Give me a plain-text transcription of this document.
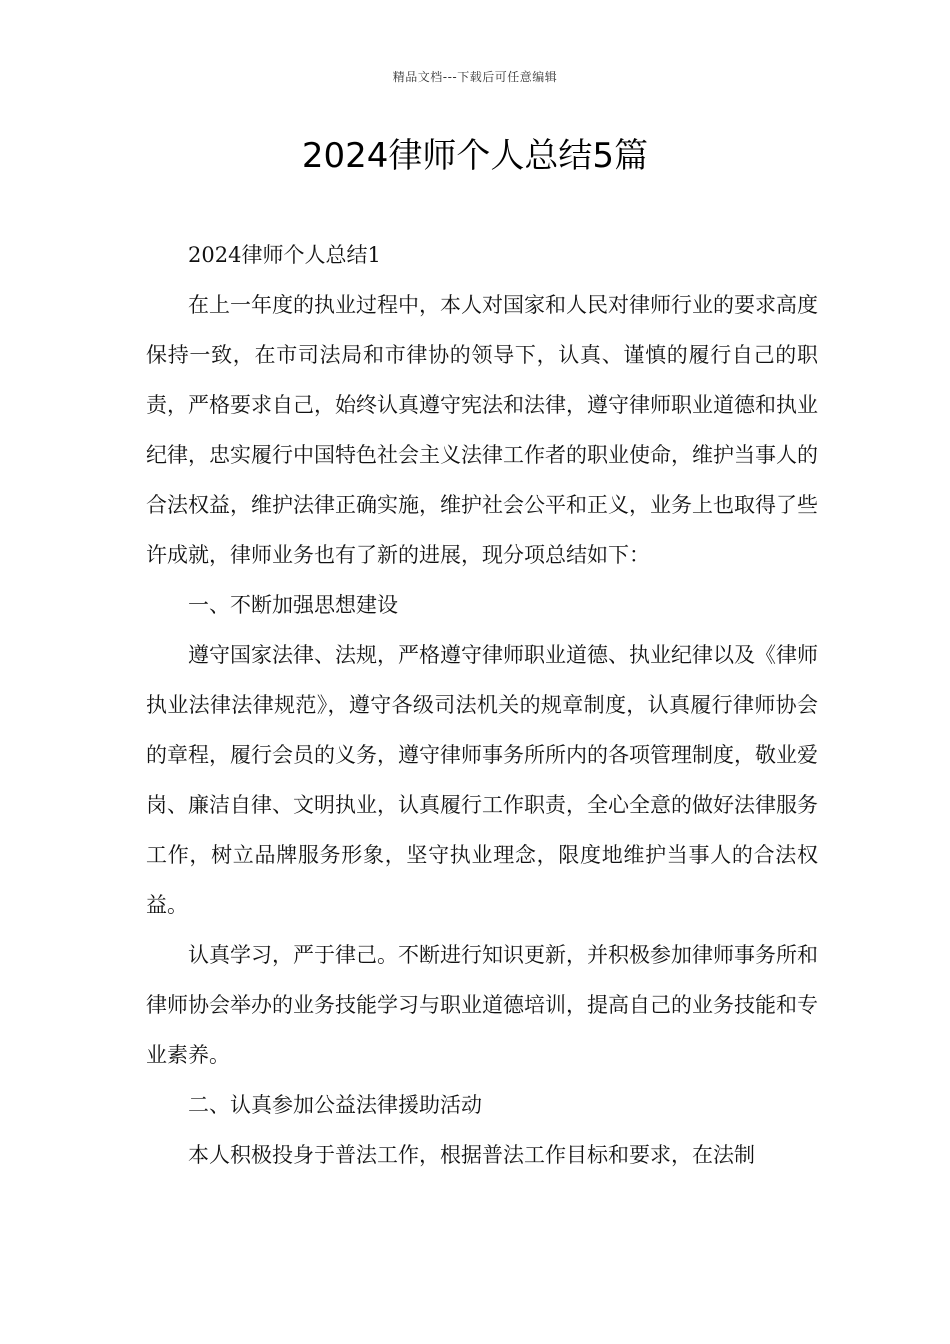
精品文档---下载后可任意编辑
2024律师个人总结5篇

2024律师个人总结1

在上一年度的执业过程中，本人对国家和人民对律师行业的要求高度保持一致，在市司法局和市律协的领导下，认真、谨慎的履行自己的职责，严格要求自己，始终认真遵守宪法和法律，遵守律师职业道德和执业纪律，忠实履行中国特色社会主义法律工作者的职业使命，维护当事人的合法权益，维护法律正确实施，维护社会公平和正义，业务上也取得了些许成就，律师业务也有了新的进展，现分项总结如下：

一、不断加强思想建设

遵守国家法律、法规，严格遵守律师职业道德、执业纪律以及《律师执业法律法律规范》，遵守各级司法机关的规章制度，认真履行律师协会的章程，履行会员的义务，遵守律师事务所所内的各项管理制度，敬业爱岗、廉洁自律、文明执业，认真履行工作职责，全心全意的做好法律服务工作，树立品牌服务形象，坚守执业理念，限度地维护当事人的合法权益。

认真学习，严于律己。不断进行知识更新，并积极参加律师事务所和律师协会举办的业务技能学习与职业道德培训，提高自己的业务技能和专业素养。

二、认真参加公益法律援助活动

本人积极投身于普法工作，根据普法工作目标和要求，在法制
